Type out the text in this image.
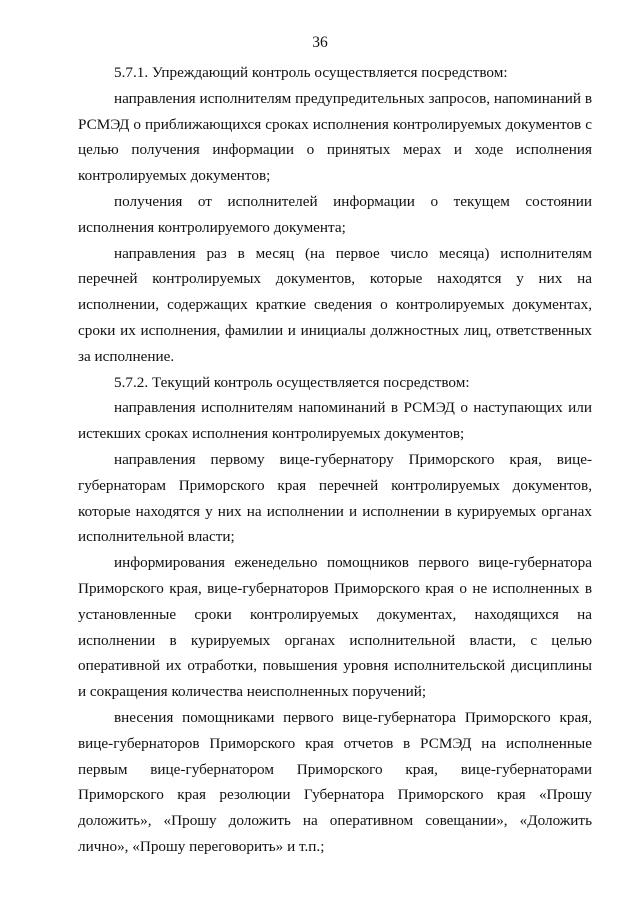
36

5.7.1. Упреждающий контроль осуществляется посредством:

направления исполнителям предупредительных запросов, напоминаний в РСМЭД о приближающихся сроках исполнения контролируемых документов с целью получения информации о принятых мерах и ходе исполнения контролируемых документов;

получения от исполнителей информации о текущем состоянии исполнения контролируемого документа;

направления раз в месяц (на первое число месяца) исполнителям перечней контролируемых документов, которые находятся у них на исполнении, содержащих краткие сведения о контролируемых документах, сроки их исполнения, фамилии и инициалы должностных лиц, ответственных за исполнение.

5.7.2. Текущий контроль осуществляется посредством:

направления исполнителям напоминаний в РСМЭД о наступающих или истекших сроках исполнения контролируемых документов;

направления первому вице-губернатору Приморского края, вице-губернаторам Приморского края перечней контролируемых документов, которые находятся у них на исполнении и исполнении в курируемых органах исполнительной власти;

информирования еженедельно помощников первого вице-губернатора Приморского края, вице-губернаторов Приморского края о не исполненных в установленные сроки контролируемых документах, находящихся на исполнении в курируемых органах исполнительной власти, с целью оперативной их отработки, повышения уровня исполнительской дисциплины и сокращения количества неисполненных поручений;

внесения помощниками первого вице-губернатора Приморского края, вице-губернаторов Приморского края отчетов в РСМЭД на исполненные первым вице-губернатором Приморского края, вице-губернаторами Приморского края резолюции Губернатора Приморского края «Прошу доложить», «Прошу доложить на оперативном совещании», «Доложить лично», «Прошу переговорить» и т.п.;
